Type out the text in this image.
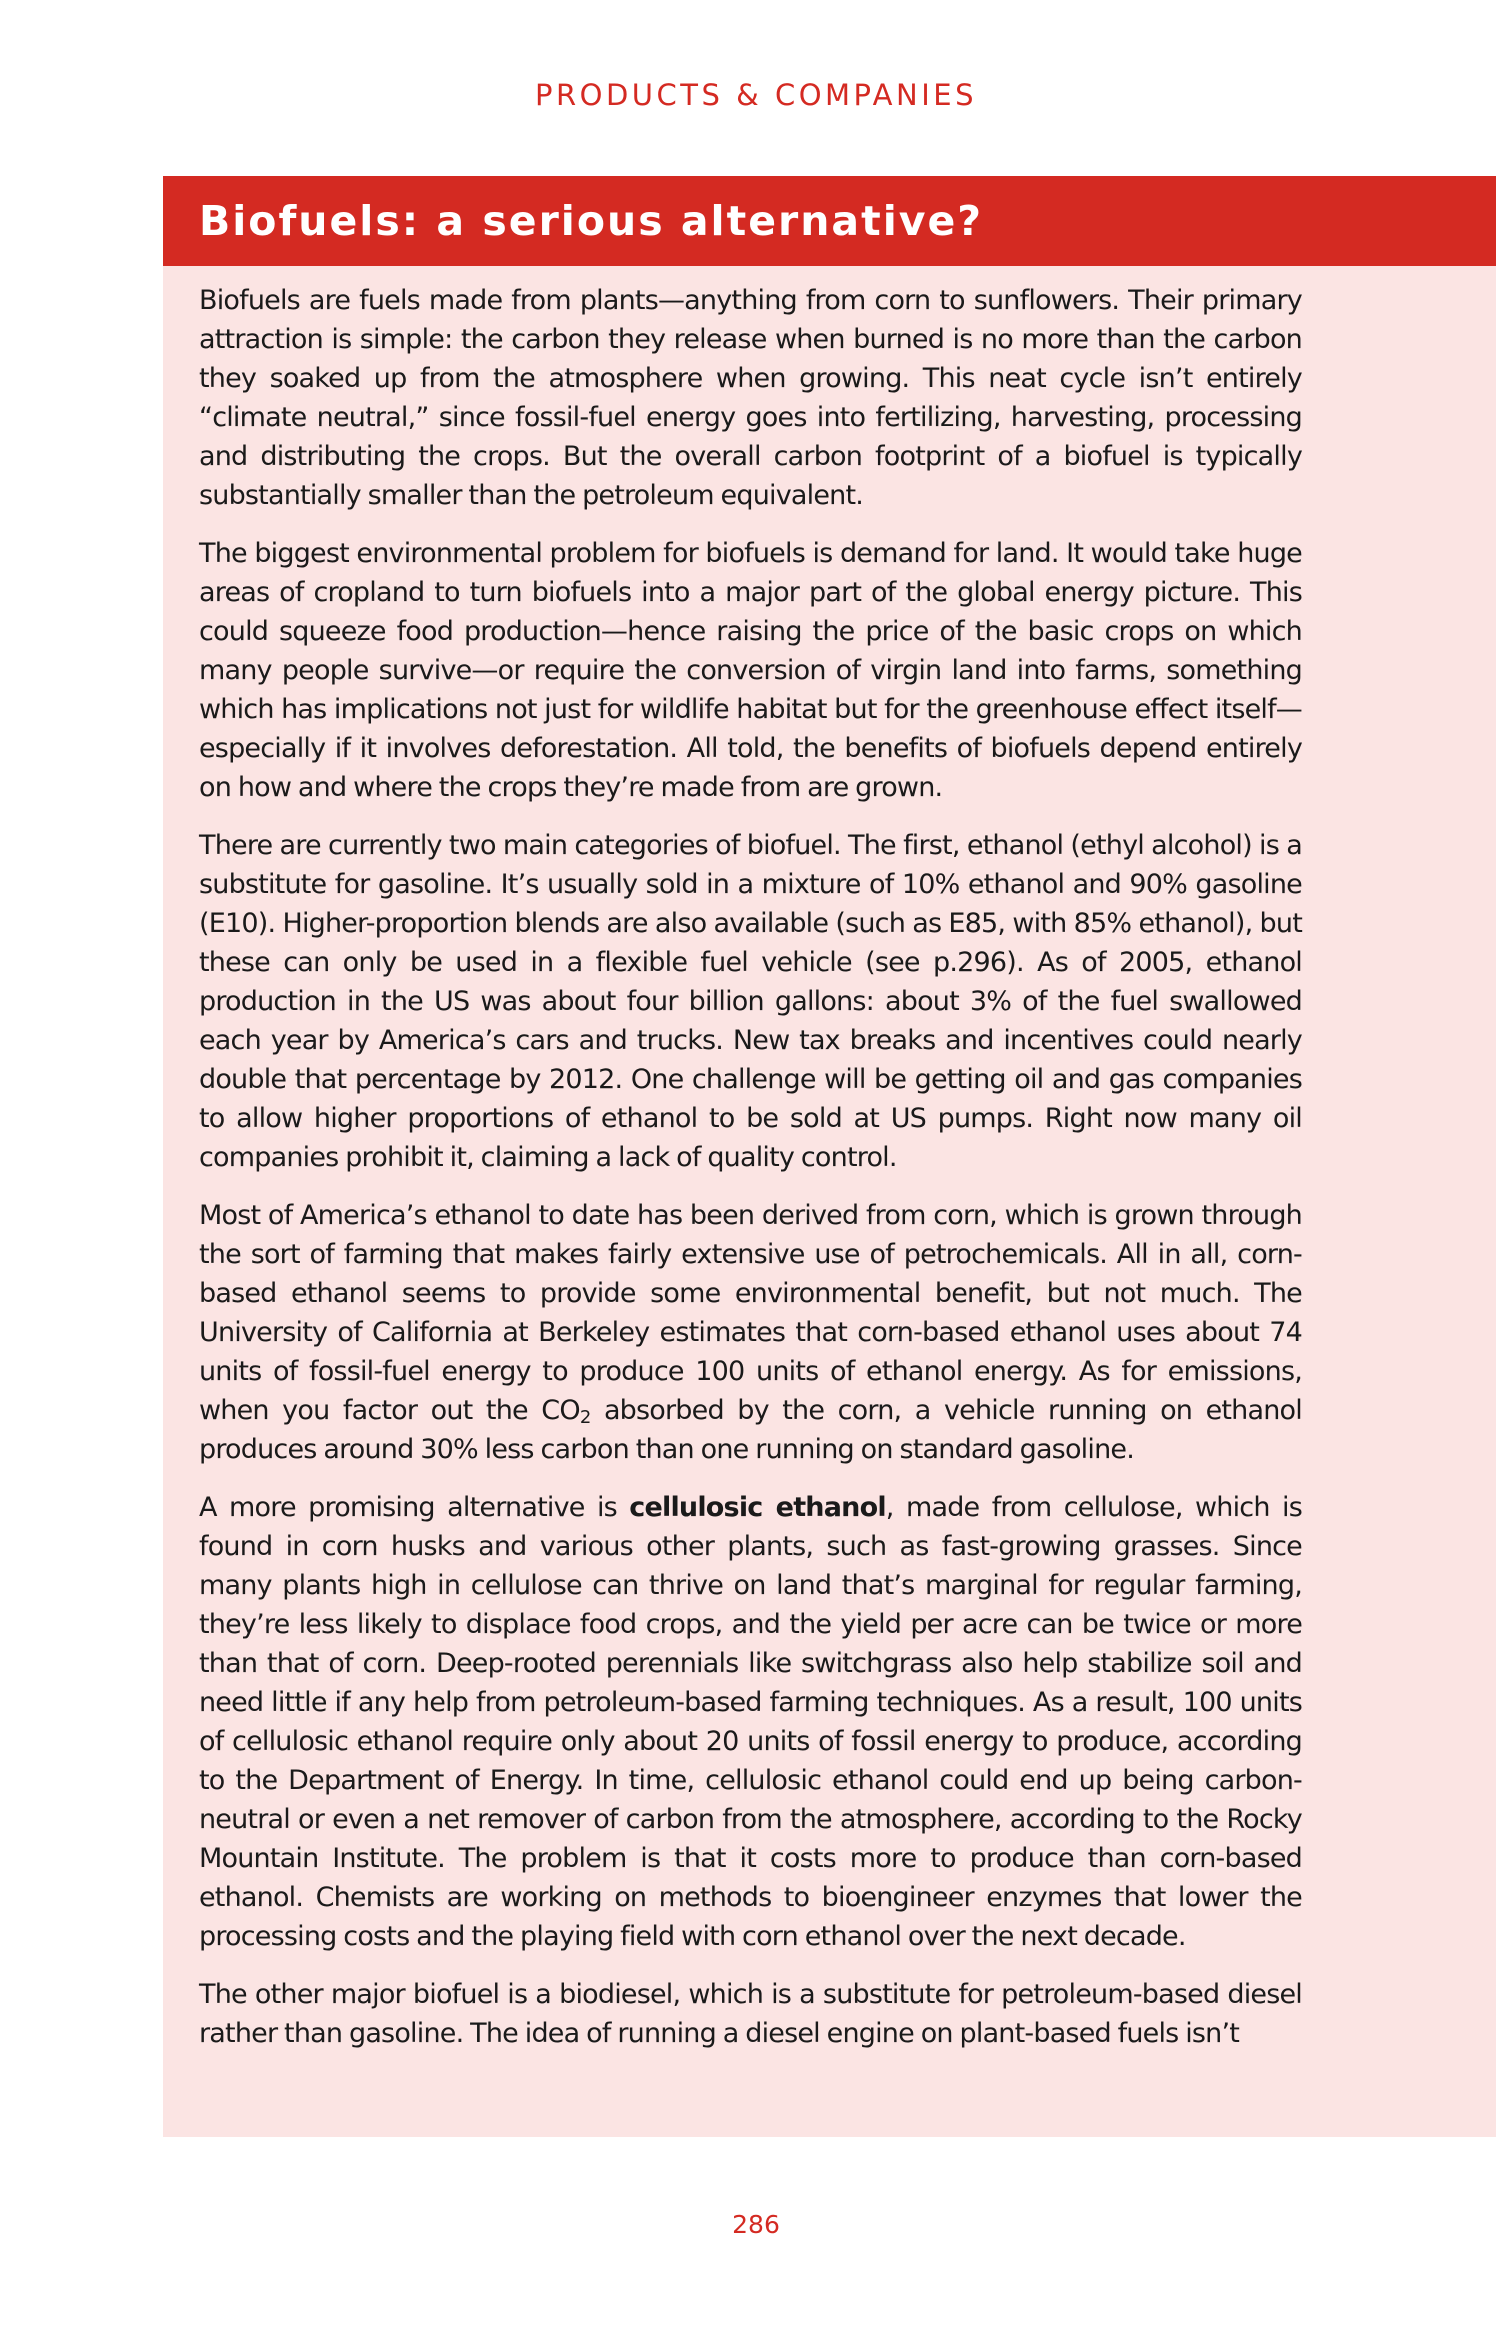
PRODUCTS & COMPANIES
Biofuels: a serious alternative?

Biofuels are fuels made from plants—anything from corn to sunflowers. Their primary attraction is simple: the carbon they release when burned is no more than the carbon they soaked up from the atmosphere when growing. This neat cycle isn’t entirely “climate neutral,” since fossil-fuel energy goes into fertilizing, harvesting, processing and distributing the crops. But the overall carbon footprint of a biofuel is typically substantially smaller than the petroleum equivalent.

The biggest environmental problem for biofuels is demand for land. It would take huge areas of cropland to turn biofuels into a major part of the global energy picture. This could squeeze food production—hence raising the price of the basic crops on which many people survive—or require the conversion of virgin land into farms, something which has implications not just for wildlife habitat but for the greenhouse effect itself—especially if it involves deforestation. All told, the benefits of biofuels depend entirely on how and where the crops they’re made from are grown.

There are currently two main categories of biofuel. The first, ethanol (ethyl alcohol) is a substitute for gasoline. It’s usually sold in a mixture of 10% ethanol and 90% gasoline (E10). Higher-proportion blends are also available (such as E85, with 85% ethanol), but these can only be used in a flexible fuel vehicle (see p.296). As of 2005, ethanol production in the US was about four billion gallons: about 3% of the fuel swallowed each year by America’s cars and trucks. New tax breaks and incentives could nearly double that percentage by 2012. One challenge will be getting oil and gas companies to allow higher proportions of ethanol to be sold at US pumps. Right now many oil companies prohibit it, claiming a lack of quality control.

Most of America’s ethanol to date has been derived from corn, which is grown through the sort of farming that makes fairly extensive use of petrochemicals. All in all, corn-based ethanol seems to provide some environmental benefit, but not much. The University of California at Berkeley estimates that corn-based ethanol uses about 74 units of fossil-fuel energy to produce 100 units of ethanol energy. As for emissions, when you factor out the $CO_2$ absorbed by the corn, a vehicle running on ethanol produces around 30% less carbon than one running on standard gasoline.

A more promising alternative is cellulosic ethanol, made from cellulose, which is found in corn husks and various other plants, such as fast-growing grasses. Since many plants high in cellulose can thrive on land that’s marginal for regular farming, they’re less likely to displace food crops, and the yield per acre can be twice or more than that of corn. Deep-rooted perennials like switchgrass also help stabilize soil and need little if any help from petroleum-based farming techniques. As a result, 100 units of cellulosic ethanol require only about 20 units of fossil energy to produce, according to the Department of Energy. In time, cellulosic ethanol could end up being carbon-neutral or even a net remover of carbon from the atmosphere, according to the Rocky Mountain Institute. The problem is that it costs more to produce than corn-based ethanol. Chemists are working on methods to bioengineer enzymes that lower the processing costs and the playing field with corn ethanol over the next decade.

The other major biofuel is a biodiesel, which is a substitute for petroleum-based diesel rather than gasoline. The idea of running a diesel engine on plant-based fuels isn’t

286
